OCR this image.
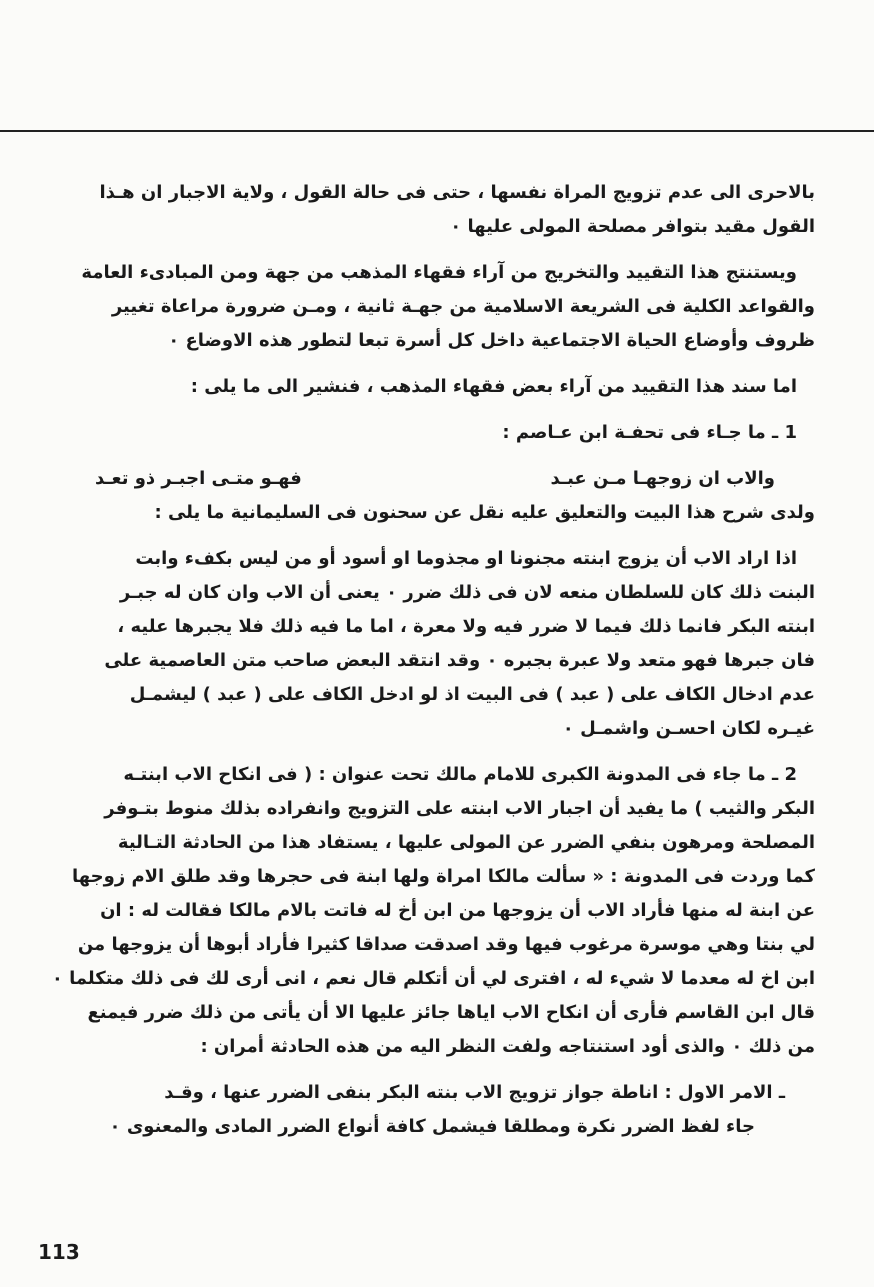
بالاحرى الى عدم تزويج المراة نفسها ، حتى فى حالة القول ، ولاية الاجبار ان هـذا
القول مقيد بتوافر مصلحة المولى عليها ٠
ويستنتج هذا التقييد والتخريج من آراء فقهاء المذهب من جهة ومن المبادىء العامة
والقواعد الكلية فى الشريعة الاسلامية من جهـة ثانية ، ومـن ضرورة مراعاة تغيير
ظروف وأوضاع الحياة الاجتماعية داخل كل أسرة تبعا لتطور هذه الاوضاع ٠
اما سند هذا التقييد من آراء بعض فقهاء المذهب ، فنشير الى ما يلى :
1 ـ ما جـاء فى تحفـة ابن عـاصم :
والاب ان زوجهـا مـن عبـد
فهـو متـى اجبـر ذو تعـد
ولدى شرح هذا البيت والتعليق عليه نقل عن سحنون فى السليمانية ما يلى :
اذا اراد الاب أن يزوج ابنته مجنونا او مجذوما او أسود أو من ليس بكفء وابت
البنت ذلك كان للسلطان منعه لان فى ذلك ضرر ٠ يعنى أن الاب وان كان له جبـر
ابنته البكر فانما ذلك فيما لا ضرر فيه ولا معرة ، اما ما فيه ذلك فلا يجبرها عليه ،
فان جبرها فهو متعد ولا عبرة بجبره ٠ وقد انتقد البعض صاحب متن العاصمية على
عدم ادخال الكاف على ( عبد ) فى البيت اذ لو ادخل الكاف على ( عبد ) ليشمـل
غيـره لكان احسـن واشمـل ٠
2 ـ ما جاء فى المدونة الكبرى للامام مالك تحت عنوان : ( فى انكاح الاب ابنتـه
البكر والثيب ) ما يفيد أن اجبار الاب ابنته على التزويج وانفراده بذلك منوط بتـوفر
المصلحة ومرهون بنفي الضرر عن المولى عليها ، يستفاد هذا من الحادثة التـالية
كما وردت فى المدونة : « سألت مالكا امراة ولها ابنة فى حجرها وقد طلق الام زوجها
عن ابنة له منها فأراد الاب أن يزوجها من ابن أخ له فاتت بالام مالكا فقالت له : ان
لي بنتا وهي موسرة مرغوب فيها وقد اصدقت صداقا كثيرا فأراد أبوها أن يزوجها من
ابن اخ له معدما لا شيء له ، افترى لي أن أتكلم قال نعم ، انى أرى لك فى ذلك متكلما ٠
قال ابن القاسم فأرى أن انكاح الاب اياها جائز عليها الا أن يأتى من ذلك ضرر فيمنع
من ذلك ٠ والذى أود استنتاجه ولفت النظر اليه من هذه الحادثة أمران :
ـ الامر الاول : اناطة جواز تزويج الاب بنته البكر بنفى الضرر عنها ، وقـد
جاء لفظ الضرر نكرة ومطلقا فيشمل كافة أنواع الضرر المادى والمعنوى ٠
113
